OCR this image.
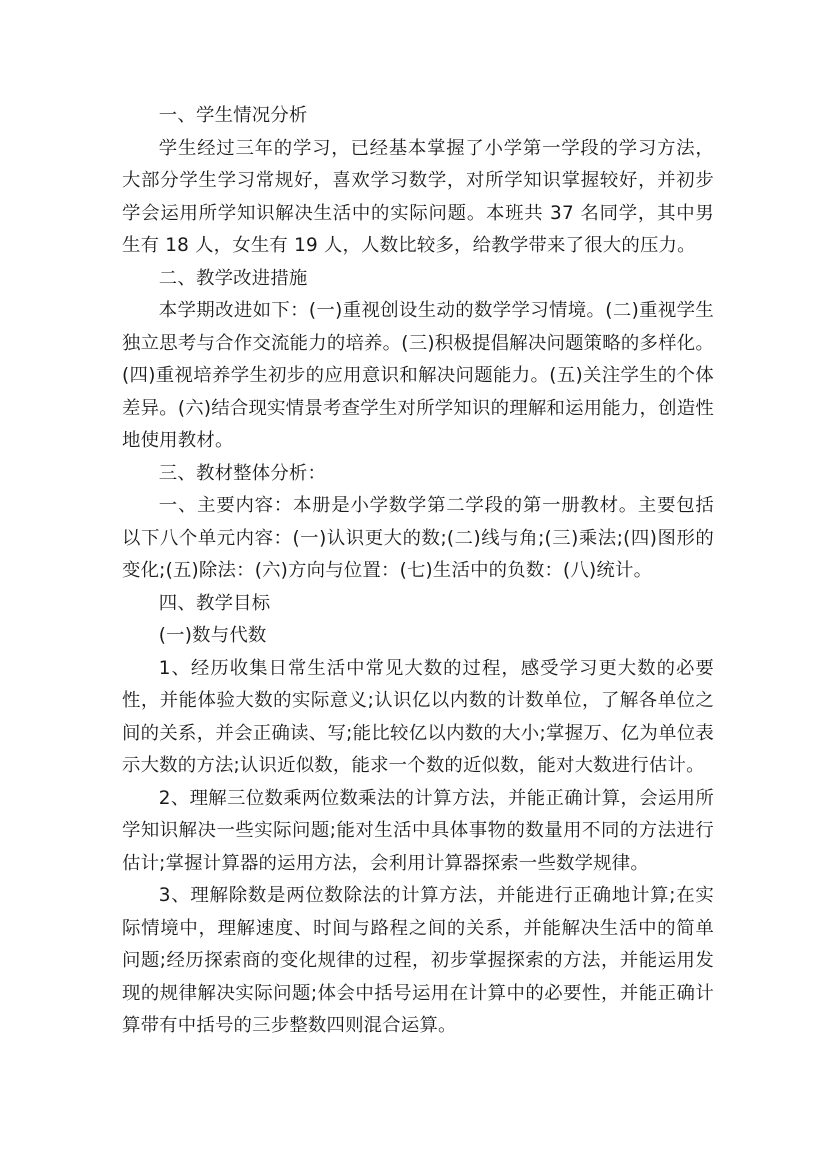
一、学生情况分析

学生经过三年的学习，已经基本掌握了小学第一学段的学习方法，大部分学生学习常规好，喜欢学习数学，对所学知识掌握较好，并初步学会运用所学知识解决生活中的实际问题。本班共 37 名同学，其中男生有 18 人，女生有 19 人，人数比较多，给教学带来了很大的压力。

二、教学改进措施

本学期改进如下：(一)重视创设生动的数学学习情境。(二)重视学生独立思考与合作交流能力的培养。(三)积极提倡解决问题策略的多样化。(四)重视培养学生初步的应用意识和解决问题能力。(五)关注学生的个体差异。(六)结合现实情景考查学生对所学知识的理解和运用能力，创造性地使用教材。

三、教材整体分析：

一、主要内容：本册是小学数学第二学段的第一册教材。主要包括以下八个单元内容：(一)认识更大的数;(二)线与角;(三)乘法;(四)图形的变化;(五)除法：(六)方向与位置：(七)生活中的负数：(八)统计。

四、教学目标

(一)数与代数

1、经历收集日常生活中常见大数的过程，感受学习更大数的必要性，并能体验大数的实际意义;认识亿以内数的计数单位，了解各单位之间的关系，并会正确读、写;能比较亿以内数的大小;掌握万、亿为单位表示大数的方法;认识近似数，能求一个数的近似数，能对大数进行估计。

2、理解三位数乘两位数乘法的计算方法，并能正确计算，会运用所学知识解决一些实际问题;能对生活中具体事物的数量用不同的方法进行估计;掌握计算器的运用方法，会利用计算器探索一些数学规律。

3、理解除数是两位数除法的计算方法，并能进行正确地计算;在实际情境中，理解速度、时间与路程之间的关系，并能解决生活中的简单问题;经历探索商的变化规律的过程，初步掌握探索的方法，并能运用发现的规律解决实际问题;体会中括号运用在计算中的必要性，并能正确计算带有中括号的三步整数四则混合运算。
